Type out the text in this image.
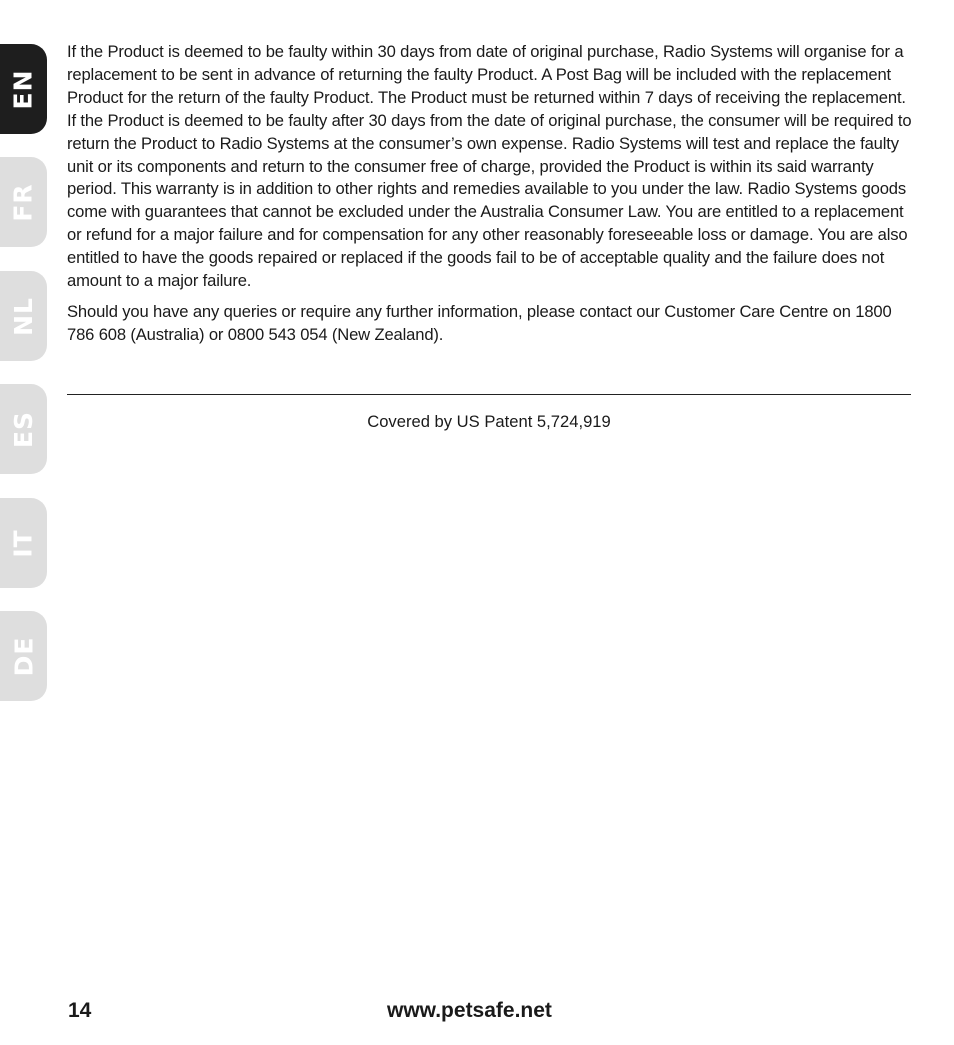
EN
FR
NL
ES
IT
DE

If the Product is deemed to be faulty within 30 days from date of original purchase, Radio Systems will organise for a replacement to be sent in advance of returning the faulty Product. A Post Bag will be included with the replacement Product for the return of the faulty Product. The Product must be returned within 7 days of receiving the replacement. If the Product is deemed to be faulty after 30 days from the date of original purchase, the consumer will be required to return the Product to Radio Systems at the consumer’s own expense. Radio Systems will test and replace the faulty unit or its components and return to the consumer free of charge, provided the Product is within its said warranty period. This warranty is in addition to other rights and remedies available to you under the law. Radio Systems goods come with guarantees that cannot be excluded under the Australia Consumer Law. You are entitled to a replacement or refund for a major failure and for compensation for any other reasonably foreseeable loss or damage. You are also entitled to have the goods repaired or replaced if the goods fail to be of acceptable quality and the failure does not amount to a major failure.

Should you have any queries or require any further information, please contact our Customer Care Centre on 1800 786 608 (Australia) or 0800 543 054 (New Zealand).

Covered by US Patent 5,724,919
14	www.petsafe.net
